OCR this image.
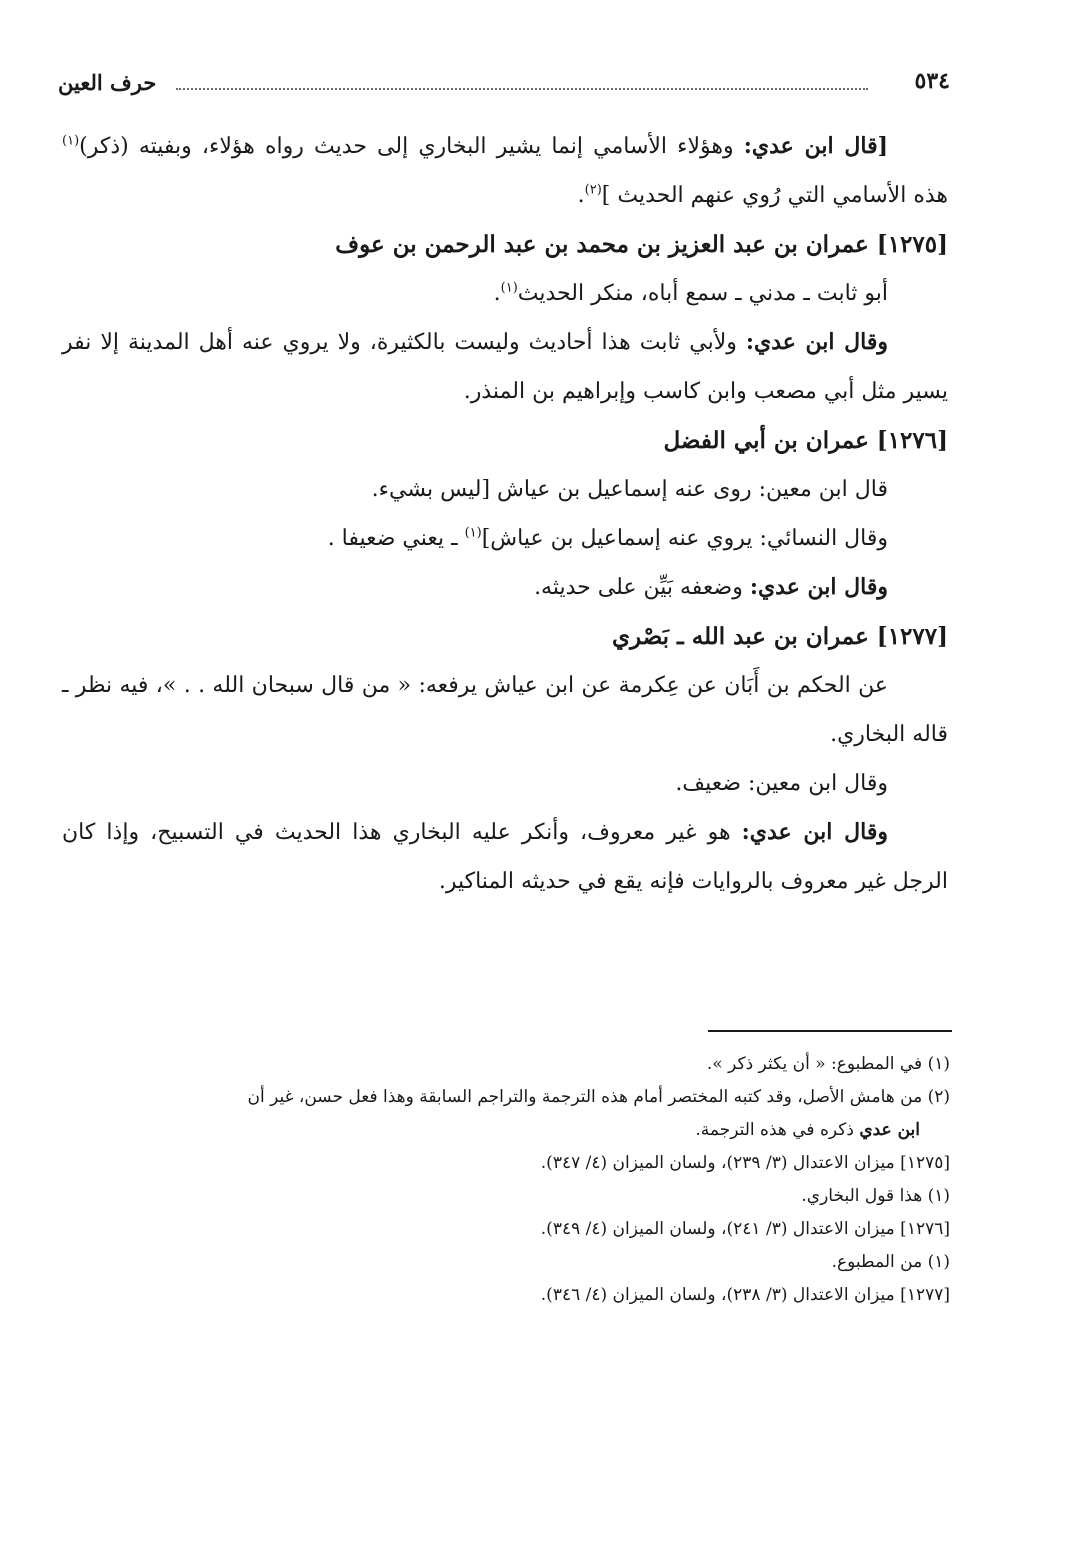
حرف العين	٥٣٤

[قال ابن عدي: وهؤلاء الأسامي إنما يشير البخاري إلى حديث رواه هؤلاء، وبفيته (ذكر)$^{(١)}$ هذه الأسامي التي رُوي عنهم الحديث ]$^{(٢)}$.

[١٢٧٥] عمران بن عبد العزيز بن محمد بن عبد الرحمن بن عوف

أبو ثابت ـ مدني ـ سمع أباه، منكر الحديث$^{(١)}$.

وقال ابن عدي: ولأبي ثابت هذا أحاديث وليست بالكثيرة، ولا يروي عنه أهل المدينة إلا نفر يسير مثل أبي مصعب وابن كاسب وإبراهيم بن المنذر.

[١٢٧٦] عمران بن أبي الفضل

قال ابن معين: روى عنه إسماعيل بن عياش [ليس بشيء.

وقال النسائي: يروي عنه إسماعيل بن عياش]$^{(١)}$ ـ يعني ضعيفا .

وقال ابن عدي: وضعفه بَيِّن على حديثه.

[١٢٧٧] عمران بن عبد الله ـ بَصْري

عن الحكم بن أَبَان عن عِكرمة عن ابن عياش يرفعه: « من قال سبحان الله . . »، فيه نظر ـ قاله البخاري.

وقال ابن معين: ضعيف.

وقال ابن عدي: هو غير معروف، وأنكر عليه البخاري هذا الحديث في التسبيح، وإذا كان الرجل غير معروف بالروايات فإنه يقع في حديثه المناكير.

(١) في المطبوع: « أن يكثر ذكر ».

(٢) من هامش الأصل، وقد كتبه المختصر أمام هذه الترجمة والتراجم السابقة وهذا فعل حسن، غير أن

ابن عدي ذكره في هذه الترجمة.

[١٢٧٥] ميزان الاعتدال (٣/ ٢٣٩)، ولسان الميزان (٤/ ٣٤٧).

(١) هذا قول البخاري.

[١٢٧٦] ميزان الاعتدال (٣/ ٢٤١)، ولسان الميزان (٤/ ٣٤٩).

(١) من المطبوع.

[١٢٧٧] ميزان الاعتدال (٣/ ٢٣٨)، ولسان الميزان (٤/ ٣٤٦).
